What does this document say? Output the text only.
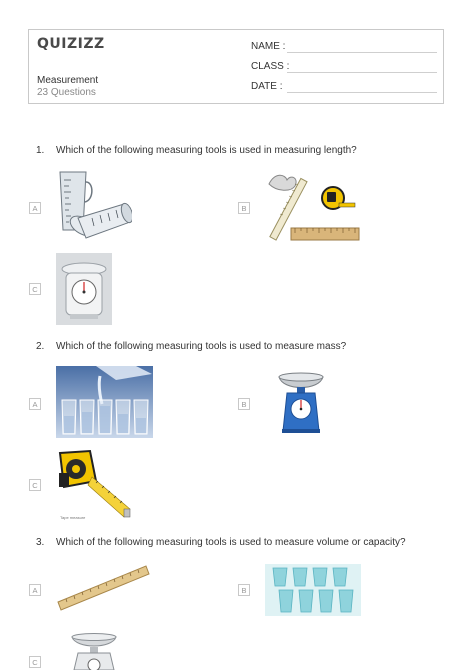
QUIZIZZ
Measurement
23 Questions
NAME :
CLASS :
DATE :
1. Which of the following measuring tools is used in measuring length?
A	B
C
2. Which of the following measuring tools is used to measure mass?
A	B
C
Tape measure
3. Which of the following measuring tools is used to measure volume or capacity?
A	B
C
